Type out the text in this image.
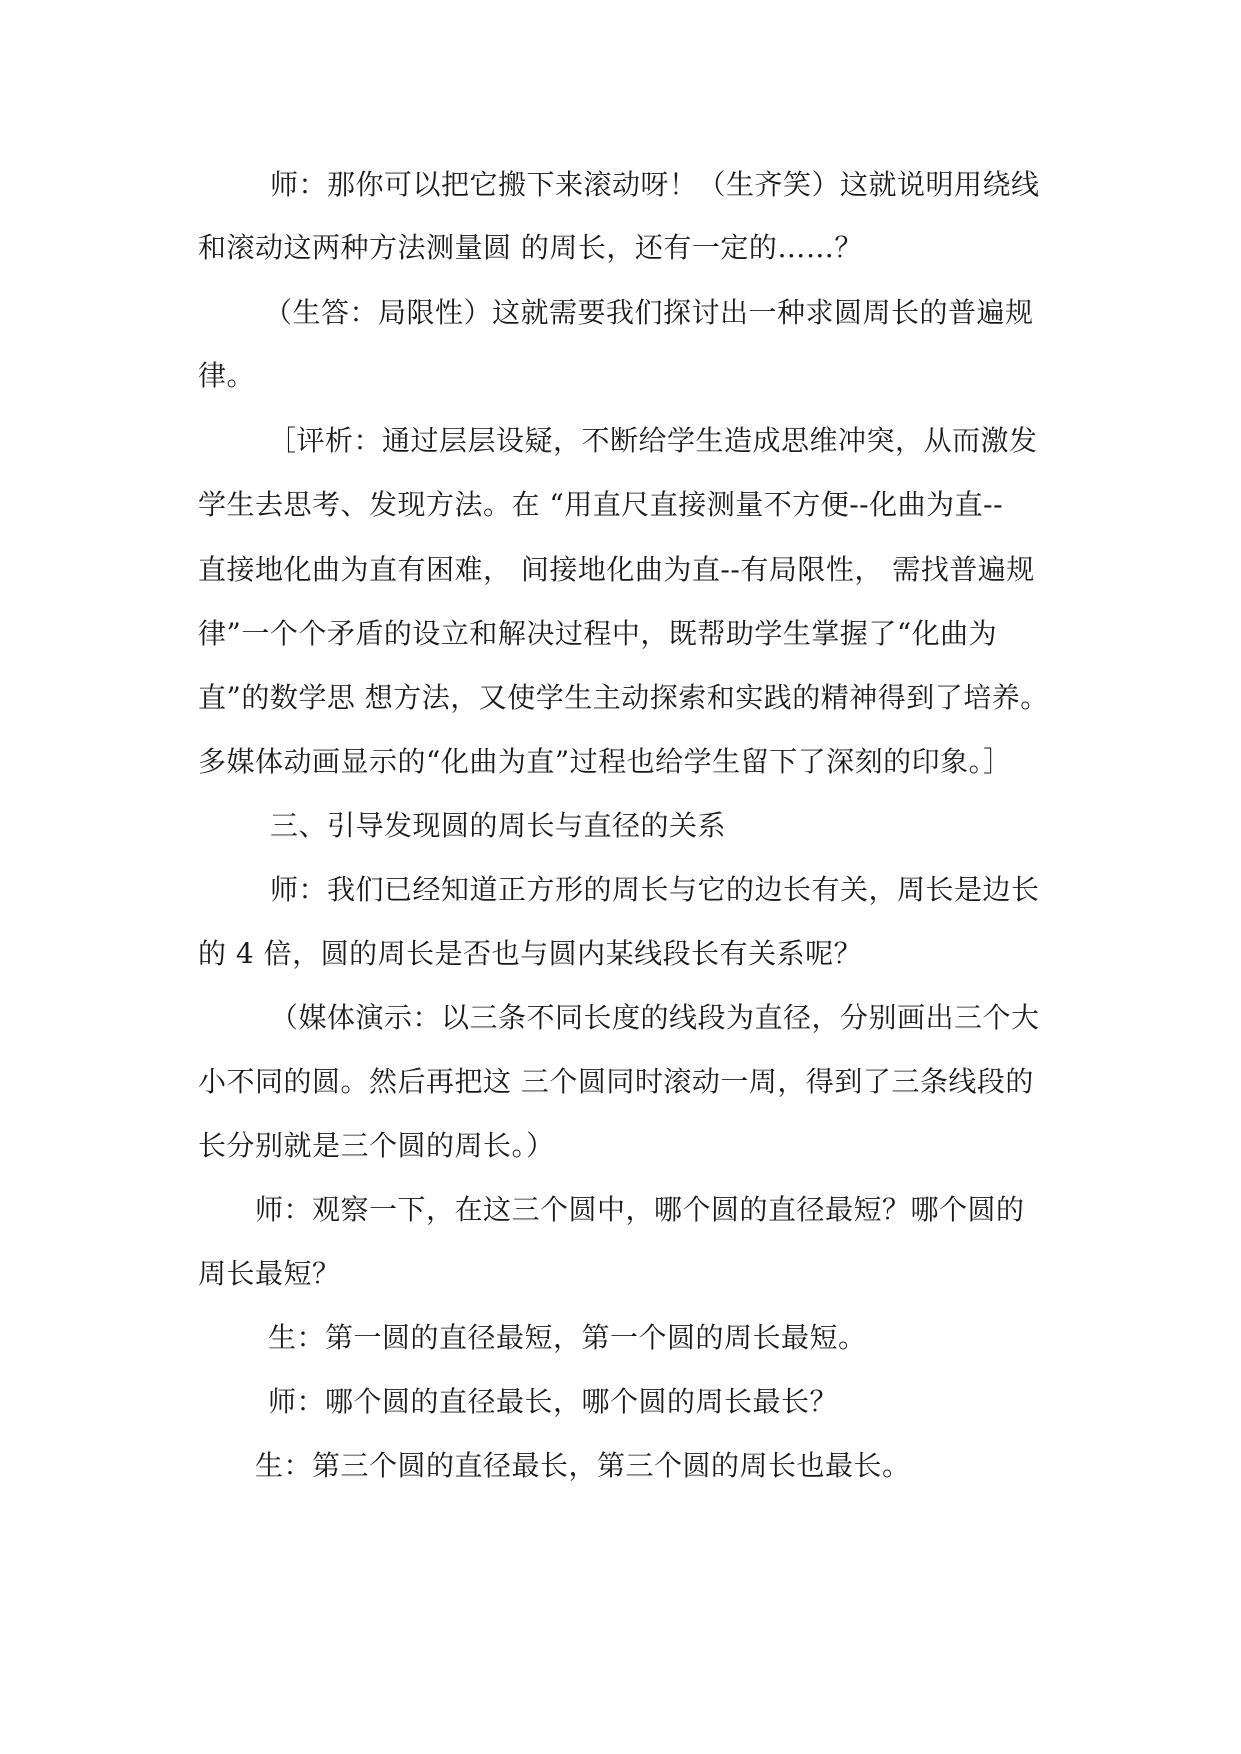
师：那你可以把它搬下来滚动呀！（生齐笑）这就说明用绕线
和滚动这两种方法测量圆 的周长，还有一定的……？
（生答：局限性）这就需要我们探讨出一种求圆周长的普遍规
律。
［评析：通过层层设疑，不断给学生造成思维冲突，从而激发
学生去思考、发现方法。在 “用直尺直接测量不方便--化曲为直--
直接地化曲为直有困难， 间接地化曲为直--有局限性， 需找普遍规
律”一个个矛盾的设立和解决过程中，既帮助学生掌握了“化曲为
直”的数学思 想方法，又使学生主动探索和实践的精神得到了培养。
多媒体动画显示的“化曲为直”过程也给学生留下了深刻的印象。］
三、引导发现圆的周长与直径的关系
师：我们已经知道正方形的周长与它的边长有关，周长是边长
的 4 倍，圆的周长是否也与圆内某线段长有关系呢？
（媒体演示：以三条不同长度的线段为直径，分别画出三个大
小不同的圆。然后再把这 三个圆同时滚动一周，得到了三条线段的
长分别就是三个圆的周长。）
师：观察一下，在这三个圆中，哪个圆的直径最短？哪个圆的
周长最短？
生：第一圆的直径最短，第一个圆的周长最短。
师：哪个圆的直径最长，哪个圆的周长最长？
生：第三个圆的直径最长，第三个圆的周长也最长。
